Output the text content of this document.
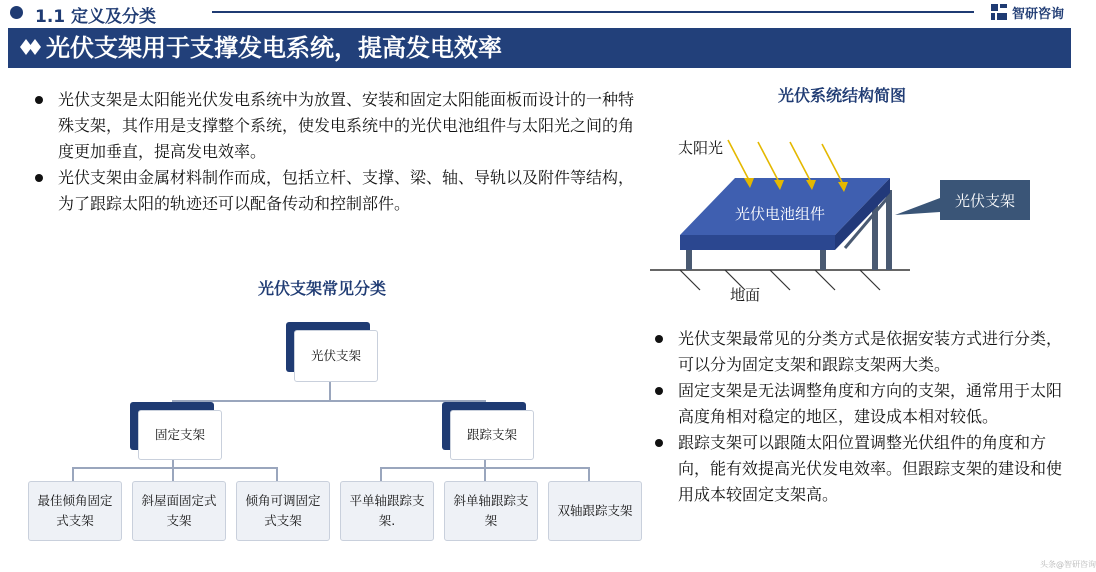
1.1 定义及分类	智研咨询
光伏支架用于支撑发电系统，提高发电效率
光伏支架是太阳能光伏发电系统中为放置、安装和固定太阳能面板而设计的一种特殊支架，其作用是支撑整个系统，使发电系统中的光伏电池组件与太阳光之间的角度更加垂直，提高发电效率。
光伏支架由金属材料制作而成，包括立杆、支撑、梁、轴、导轨以及附件等结构，为了跟踪太阳的轨迹还可以配备传动和控制部件。
光伏系统结构简图
太阳光
光伏电池组件
地面
光伏支架
光伏支架常见分类
光伏支架
固定支架	跟踪支架
最佳倾角固定式支架
斜屋面固定式支架
倾角可调固定式支架
平单轴跟踪支架.
斜单轴跟踪支架
双轴跟踪支架
光伏支架最常见的分类方式是依据安装方式进行分类，可以分为固定支架和跟踪支架两大类。
固定支架是无法调整角度和方向的支架，通常用于太阳高度角相对稳定的地区，建设成本相对较低。
跟踪支架可以跟随太阳位置调整光伏组件的角度和方向，能有效提高光伏发电效率。但跟踪支架的建设和使用成本较固定支架高。
头条@智研咨询
